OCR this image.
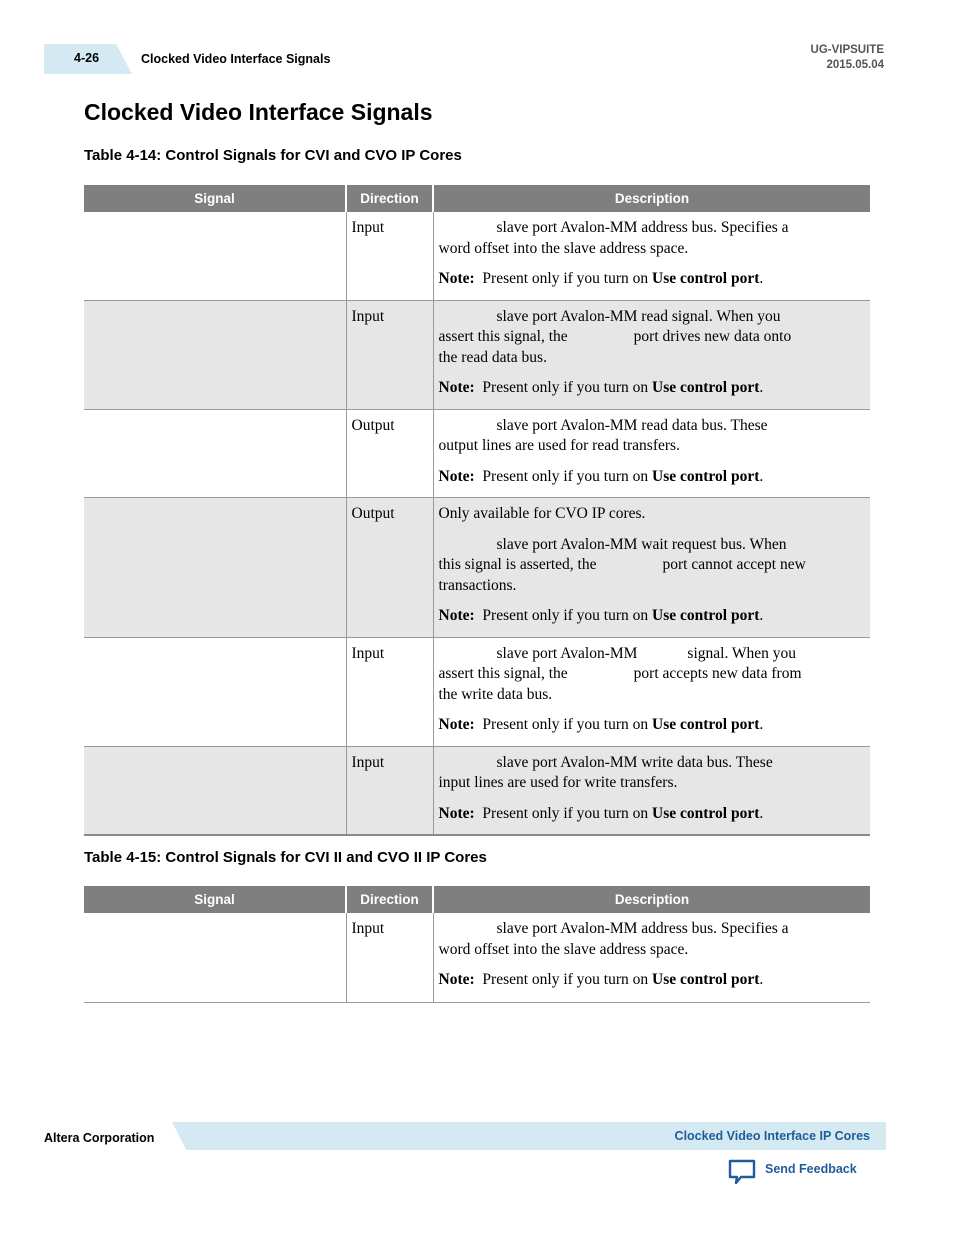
4-26	Clocked Video Interface Signals
UG-VIPSUITE
2015.05.04
Clocked Video Interface Signals

Table 4-14: Control Signals for CVI and CVO IP Cores

Signal	Direction	Description
	Input	slave port Avalon-MM address bus. Specifies a
word offset into the slave address space.

Note: Present only if you turn on Use control port.

	Input	slave port Avalon-MM read signal. When you
assert this signal, the port drives new data onto
the read data bus.

Note: Present only if you turn on Use control port.

	Output	slave port Avalon-MM read data bus. These
output lines are used for read transfers.

Note: Present only if you turn on Use control port.

	Output	Only available for CVO IP cores.

slave port Avalon-MM wait request bus. When
this signal is asserted, the port cannot accept new
transactions.

Note: Present only if you turn on Use control port.

	Input	slave port Avalon-MM signal. When you
assert this signal, the port accepts new data from
the write data bus.

Note: Present only if you turn on Use control port.

	Input	slave port Avalon-MM write data bus. These
input lines are used for write transfers.

Note: Present only if you turn on Use control port.

Table 4-15: Control Signals for CVI II and CVO II IP Cores

Signal	Direction	Description
	Input	slave port Avalon-MM address bus. Specifies a
word offset into the slave address space.

Note: Present only if you turn on Use control port.

Altera Corporation	Clocked Video Interface IP Cores
Send Feedback
